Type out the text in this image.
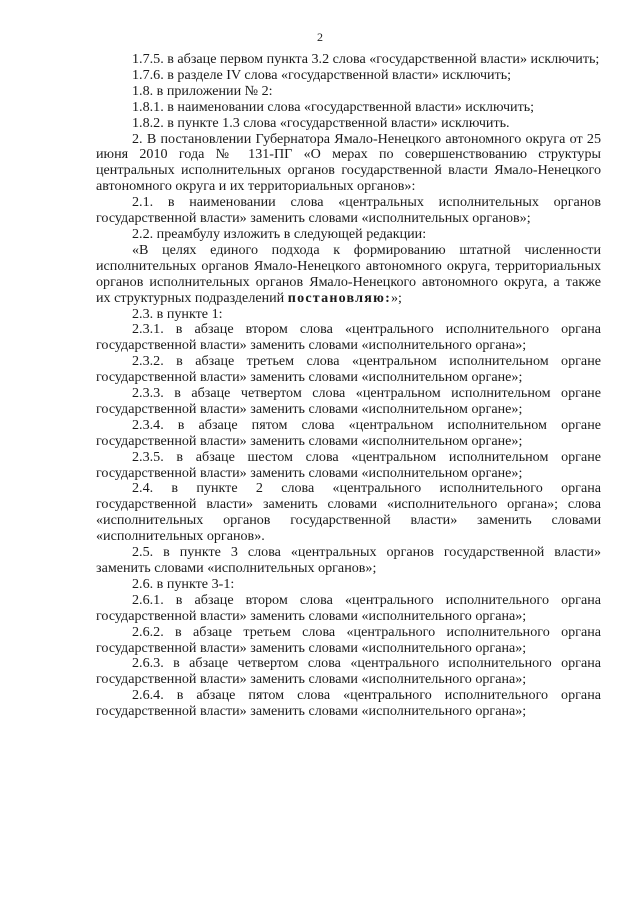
2

1.7.5. в абзаце первом пункта 3.2 слова «государственной власти» исключить;

1.7.6. в разделе IV слова «государственной власти» исключить;

1.8. в приложении № 2:

1.8.1. в наименовании слова «государственной власти» исключить;

1.8.2. в пункте 1.3 слова «государственной власти» исключить.

2. В постановлении Губернатора Ямало-Ненецкого автономного округа от 25 июня 2010 года № 131-ПГ «О мерах по совершенствованию структуры центральных исполнительных органов государственной власти Ямало-Ненецкого автономного округа и их территориальных органов»:

2.1. в наименовании слова «центральных исполнительных органов государственной власти» заменить словами «исполнительных органов»;

2.2. преамбулу изложить в следующей редакции:

«В целях единого подхода к формированию штатной численности исполнительных органов Ямало-Ненецкого автономного округа, территориальных органов исполнительных органов Ямало-Ненецкого автономного округа, а также их структурных подразделений постановляю:»;

2.3. в пункте 1:

2.3.1. в абзаце втором слова «центрального исполнительного органа государственной власти» заменить словами «исполнительного органа»;

2.3.2. в абзаце третьем слова «центральном исполнительном органе государственной власти» заменить словами «исполнительном органе»;

2.3.3. в абзаце четвертом слова «центральном исполнительном органе государственной власти» заменить словами «исполнительном органе»;

2.3.4. в абзаце пятом слова «центральном исполнительном органе государственной власти» заменить словами «исполнительном органе»;

2.3.5. в абзаце шестом слова «центральном исполнительном органе государственной власти» заменить словами «исполнительном органе»;

2.4. в пункте 2 слова «центрального исполнительного органа государственной власти» заменить словами «исполнительного органа»; слова «исполнительных органов государственной власти» заменить словами «исполнительных органов».

2.5. в пункте 3 слова «центральных органов государственной власти» заменить словами «исполнительных органов»;

2.6. в пункте 3-1:

2.6.1. в абзаце втором слова «центрального исполнительного органа государственной власти» заменить словами «исполнительного органа»;

2.6.2. в абзаце третьем слова «центрального исполнительного органа государственной власти» заменить словами «исполнительного органа»;

2.6.3. в абзаце четвертом слова «центрального исполнительного органа государственной власти» заменить словами «исполнительного органа»;

2.6.4. в абзаце пятом слова «центрального исполнительного органа государственной власти» заменить словами «исполнительного органа»;
